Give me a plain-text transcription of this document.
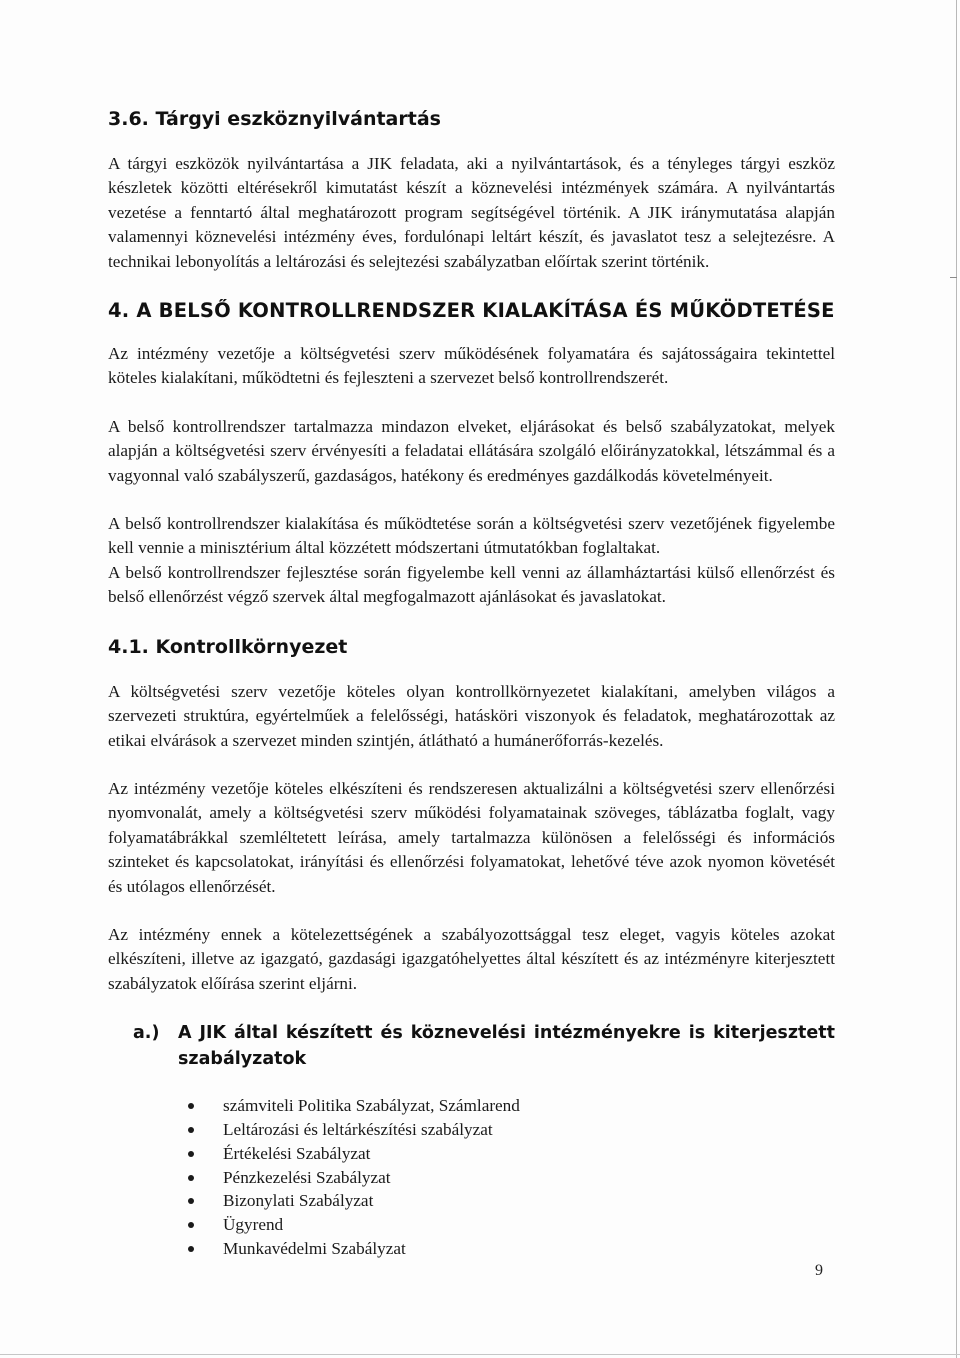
3.6. Tárgyi eszköznyilvántartás

A tárgyi eszközök nyilvántartása a JIK feladata, aki a nyilvántartások, és a tényleges tárgyi eszköz készletek közötti eltérésekről kimutatást készít a köznevelési intézmények számára. A nyilvántartás vezetése a fenntartó által meghatározott program segítségével történik. A JIK iránymutatása alapján valamennyi köznevelési intézmény éves, fordulónapi leltárt készít, és javaslatot tesz a selejtezésre. A technikai lebonyolítás a leltározási és selejtezési szabályzatban előírtak szerint történik.

4. A BELSŐ KONTROLLRENDSZER KIALAKÍTÁSA ÉS MŰKÖDTETÉSE

Az intézmény vezetője a költségvetési szerv működésének folyamatára és sajátosságaira tekintettel köteles kialakítani, működtetni és fejleszteni a szervezet belső kontrollrendszerét.

A belső kontrollrendszer tartalmazza mindazon elveket, eljárásokat és belső szabályzatokat, melyek alapján a költségvetési szerv érvényesíti a feladatai ellátására szolgáló előirányzatokkal, létszámmal és a vagyonnal való szabályszerű, gazdaságos, hatékony és eredményes gazdálkodás követelményeit.

A belső kontrollrendszer kialakítása és működtetése során a költségvetési szerv vezetőjének figyelembe kell vennie a minisztérium által közzétett módszertani útmutatókban foglaltakat.

A belső kontrollrendszer fejlesztése során figyelembe kell venni az államháztartási külső ellenőrzést és belső ellenőrzést végző szervek által megfogalmazott ajánlásokat és javaslatokat.

4.1. Kontrollkörnyezet

A költségvetési szerv vezetője köteles olyan kontrollkörnyezetet kialakítani, amelyben világos a szervezeti struktúra, egyértelműek a felelősségi, hatásköri viszonyok és feladatok, meghatározottak az etikai elvárások a szervezet minden szintjén, átlátható a humánerőforrás-kezelés.

Az intézmény vezetője köteles elkészíteni és rendszeresen aktualizálni a költségvetési szerv ellenőrzési nyomvonalát, amely a költségvetési szerv működési folyamatainak szöveges, táblázatba foglalt, vagy folyamatábrákkal szemléltetett leírása, amely tartalmazza különösen a felelősségi és információs szinteket és kapcsolatokat, irányítási és ellenőrzési folyamatokat, lehetővé téve azok nyomon követését és utólagos ellenőrzését.

Az intézmény ennek a kötelezettségének a szabályozottsággal tesz eleget, vagyis köteles azokat elkészíteni, illetve az igazgató, gazdasági igazgatóhelyettes által készített és az intézményre kiterjesztett szabályzatok előírása szerint eljárni.

a.)	A JIK által készített és köznevelési intézményekre is kiterjesztett szabályzatok
számviteli Politika Szabályzat, Számlarend
Leltározási és leltárkészítési szabályzat
Értékelési Szabályzat
Pénzkezelési Szabályzat
Bizonylati Szabályzat
Ügyrend
Munkavédelmi Szabályzat
9
